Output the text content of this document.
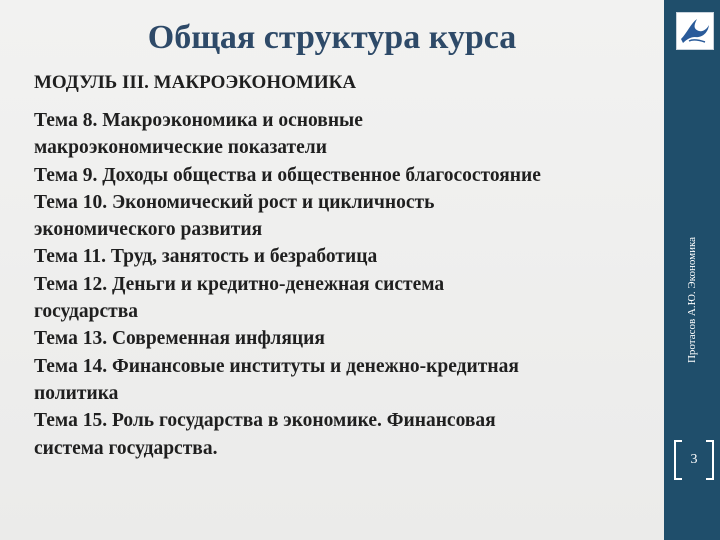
Общая структура курса
МОДУЛЬ III. МАКРОЭКОНОМИКА
Тема 8. Макроэкономика и основные
макроэкономические показатели
Тема 9. Доходы общества и общественное благосостояние
Тема 10. Экономический рост и цикличность
экономического развития
Тема 11. Труд, занятость и безработица
Тема 12. Деньги и кредитно-денежная система
государства
Тема 13. Современная инфляция
Тема 14. Финансовые институты и денежно-кредитная
политика
Тема 15. Роль государства в экономике. Финансовая
система государства.
Протасов А.Ю. Экономика
3
